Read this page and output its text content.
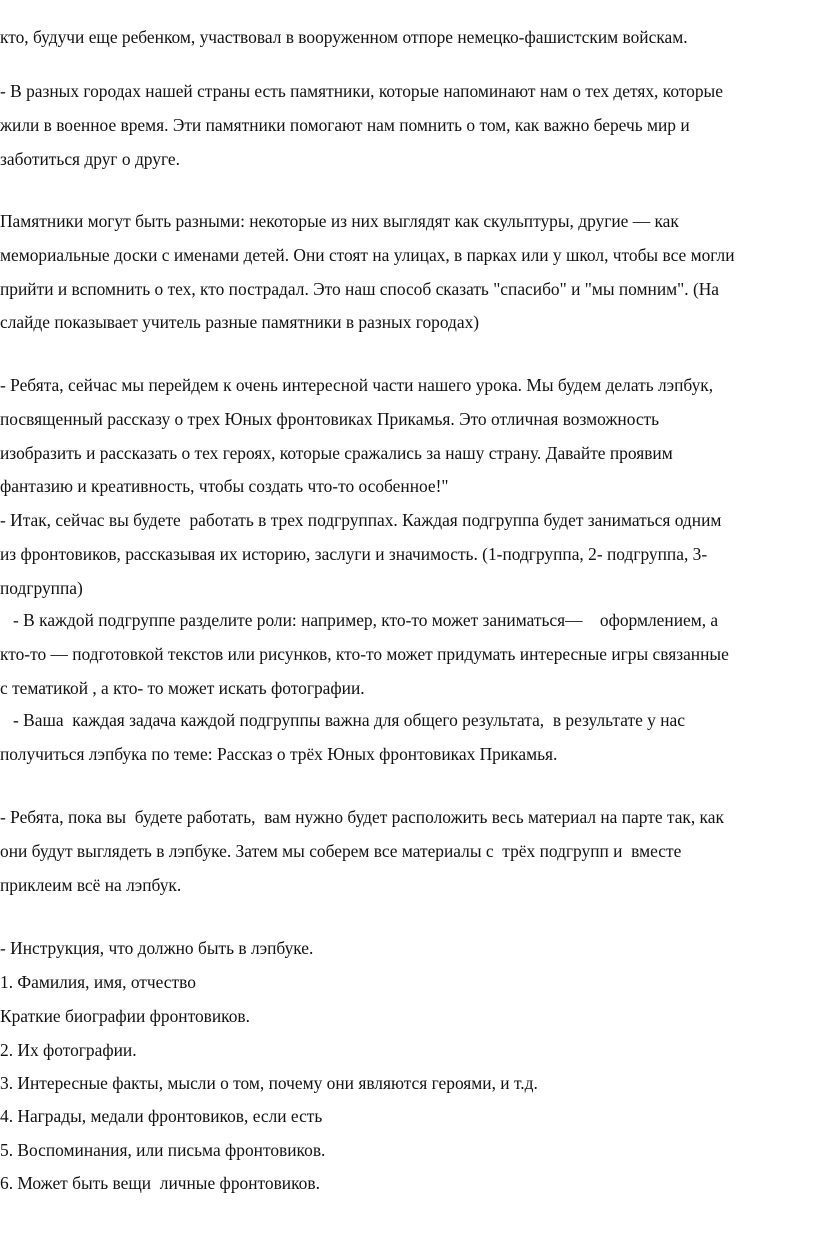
кто, будучи еще ребенком, участвовал в вооруженном отпоре немецко-фашистским войскам.

- В разных городах нашей страны есть памятники, которые напоминают нам о тех детях, которые

жили в военное время. Эти памятники помогают нам помнить о том, как важно беречь мир и

заботиться друг о друге.

Памятники могут быть разными: некоторые из них выглядят как скульптуры, другие — как

мемориальные доски с именами детей. Они стоят на улицах, в парках или у школ, чтобы все могли

прийти и вспомнить о тех, кто пострадал. Это наш способ сказать "спасибо" и "мы помним". (На

слайде показывает учитель разные памятники в разных городах)

- Ребята, сейчас мы перейдем к очень интересной части нашего урока. Мы будем делать лэпбук,

посвященный рассказу о трех Юных фронтовиках Прикамья. Это отличная возможность

изобразить и рассказать о тех героях, которые сражались за нашу страну. Давайте проявим

фантазию и креативность, чтобы создать что-то особенное!"

- Итак, сейчас вы будете  работать в трех подгруппах. Каждая подгруппа будет заниматься одним

из фронтовиков, рассказывая их историю, заслуги и значимость. (1-подгруппа, 2- подгруппа, 3-

подгруппа)

- В каждой подгруппе разделите роли: например, кто-то может заниматься—    оформлением, а

кто-то — подготовкой текстов или рисунков, кто-то может придумать интересные игры связанные

с тематикой , а кто- то может искать фотографии.

- Ваша  каждая задача каждой подгруппы важна для общего результата,  в результате у нас

получиться лэпбука по теме: Рассказ о трёх Юных фронтовиках Прикамья.

- Ребята, пока вы  будете работать,  вам нужно будет расположить весь материал на парте так, как

они будут выглядеть в лэпбуке. Затем мы соберем все материалы с  трёх подгрупп и  вместе

приклеим всё на лэпбук.

- Инструкция, что должно быть в лэпбуке.

1. Фамилия, имя, отчество

Краткие биографии фронтовиков.

2. Их фотографии.

3. Интересные факты, мысли о том, почему они являются героями, и т.д.

4. Награды, медали фронтовиков, если есть

5. Воспоминания, или письма фронтовиков.

6. Может быть вещи  личные фронтовиков.
